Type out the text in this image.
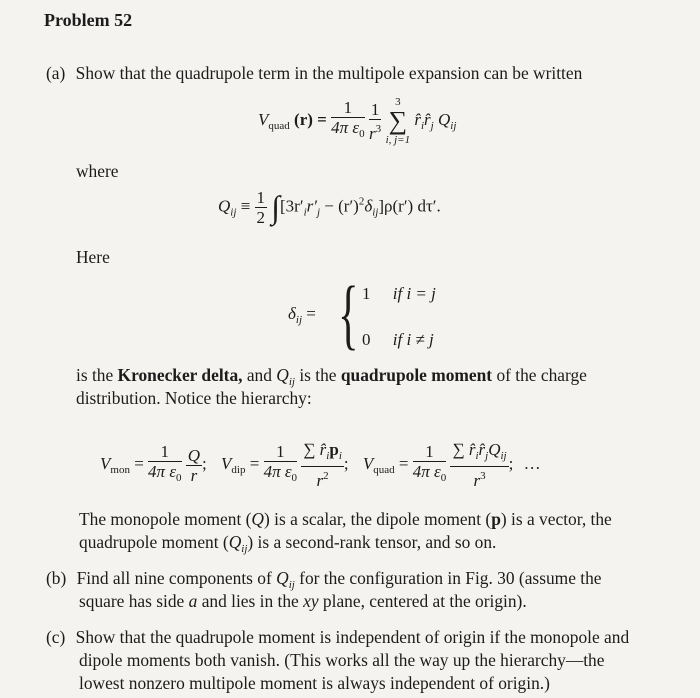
Problem 52
(a) Show that the quadrupole term in the multipole expansion can be written
$V_{quad}$ $(r) = \frac{1}{4\pi \varepsilon_0}$
$\frac{1}{r^3}$
	3
∑
i, j=1
$r̂_ir̂_j$ $Q_{ij}$
where
$Q_{ij} \equiv \frac{1}{2} \int[3r'_ir'_j - (r')^2\delta_{ij}]\rho(r')$ dτ′.
Here
$\delta_{ij}$ = { 1 if i = j
0 if i ≠ j
is the Kronecker delta, and $Q_{ij}$ is the quadrupole moment of the charge
distribution. Notice the hierarchy:
$V_{mon} = \frac{1}{4\pi \varepsilon_0}$
$\frac{Q}{r}$ ; $V_{dip} = \frac{1}{4\pi \varepsilon_0}$
$\frac{\sum r̂_ip_i}{r^2}$ ; $V_{quad} = \frac{1}{4\pi \varepsilon_0}$
$\frac{\sum r̂_ir̂_jQ_{ij}}{r^3}$ ; …
The monopole moment (Q) is a scalar, the dipole moment (p) is a vector, the
quadrupole moment $(Q_{ij})$ is a second-rank tensor, and so on.
(b) Find all nine components of $Q_{ij}$ for the configuration in Fig. 30 (assume the
square has side a and lies in the xy plane, centered at the origin).
(c) Show that the quadrupole moment is independent of origin if the monopole and
dipole moments both vanish. (This works all the way up the hierarchy—the
lowest nonzero multipole moment is always independent of origin.)
